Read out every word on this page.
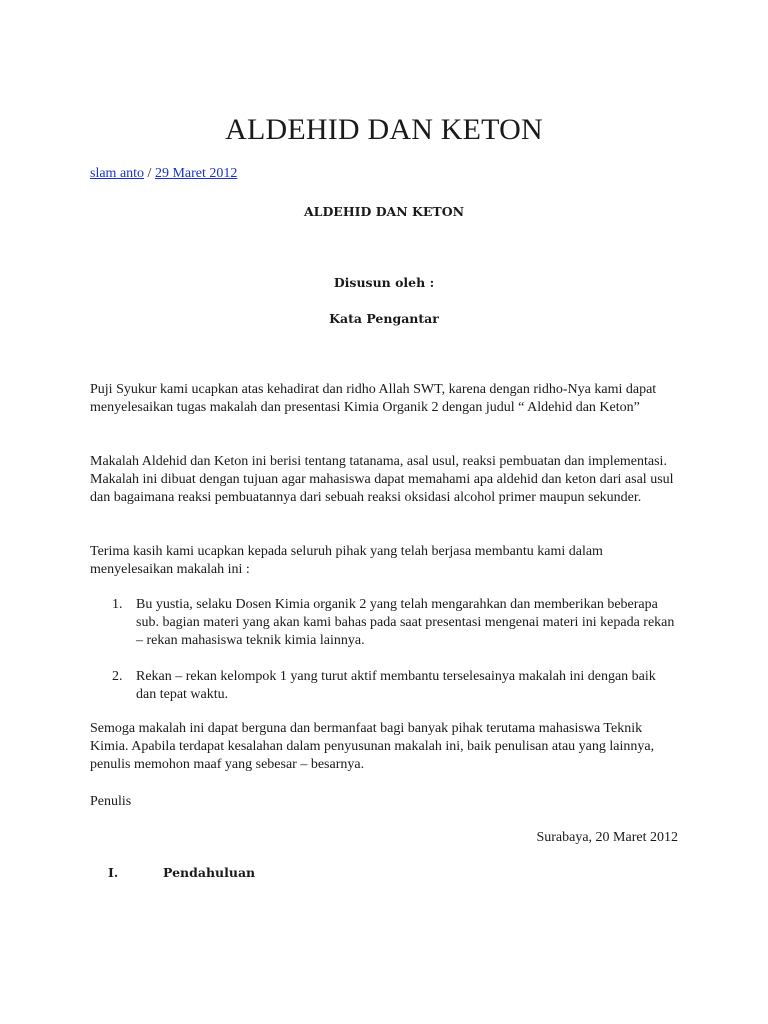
ALDEHID DAN KETON
slam anto / 29 Maret 2012
ALDEHID DAN KETON
Disusun oleh :
Kata Pengantar

Puji Syukur kami ucapkan atas kehadirat dan ridho Allah SWT, karena dengan ridho-Nya kami dapat menyelesaikan tugas makalah dan presentasi Kimia Organik 2 dengan judul “ Aldehid dan Keton”

Makalah Aldehid dan Keton ini berisi tentang tatanama, asal usul, reaksi pembuatan dan implementasi. Makalah ini dibuat dengan tujuan agar mahasiswa dapat memahami apa aldehid dan keton dari asal usul dan bagaimana reaksi pembuatannya dari sebuah reaksi oksidasi alcohol primer maupun sekunder.

Terima kasih kami ucapkan kepada seluruh pihak yang telah berjasa membantu kami dalam menyelesaikan makalah ini :

1. Bu yustia, selaku Dosen Kimia organik 2 yang telah mengarahkan dan memberikan beberapa sub. bagian materi yang akan kami bahas pada saat presentasi mengenai materi ini kepada rekan – rekan mahasiswa teknik kimia lainnya.
2. Rekan – rekan kelompok 1 yang turut aktif membantu terselesainya makalah ini dengan baik dan tepat waktu.

Semoga makalah ini dapat berguna dan bermanfaat bagi banyak pihak terutama mahasiswa Teknik Kimia. Apabila terdapat kesalahan dalam penyusunan makalah ini, baik penulisan atau yang lainnya, penulis memohon maaf yang sebesar – besarnya.

Penulis

Surabaya, 20 Maret 2012
I.	Pendahuluan
